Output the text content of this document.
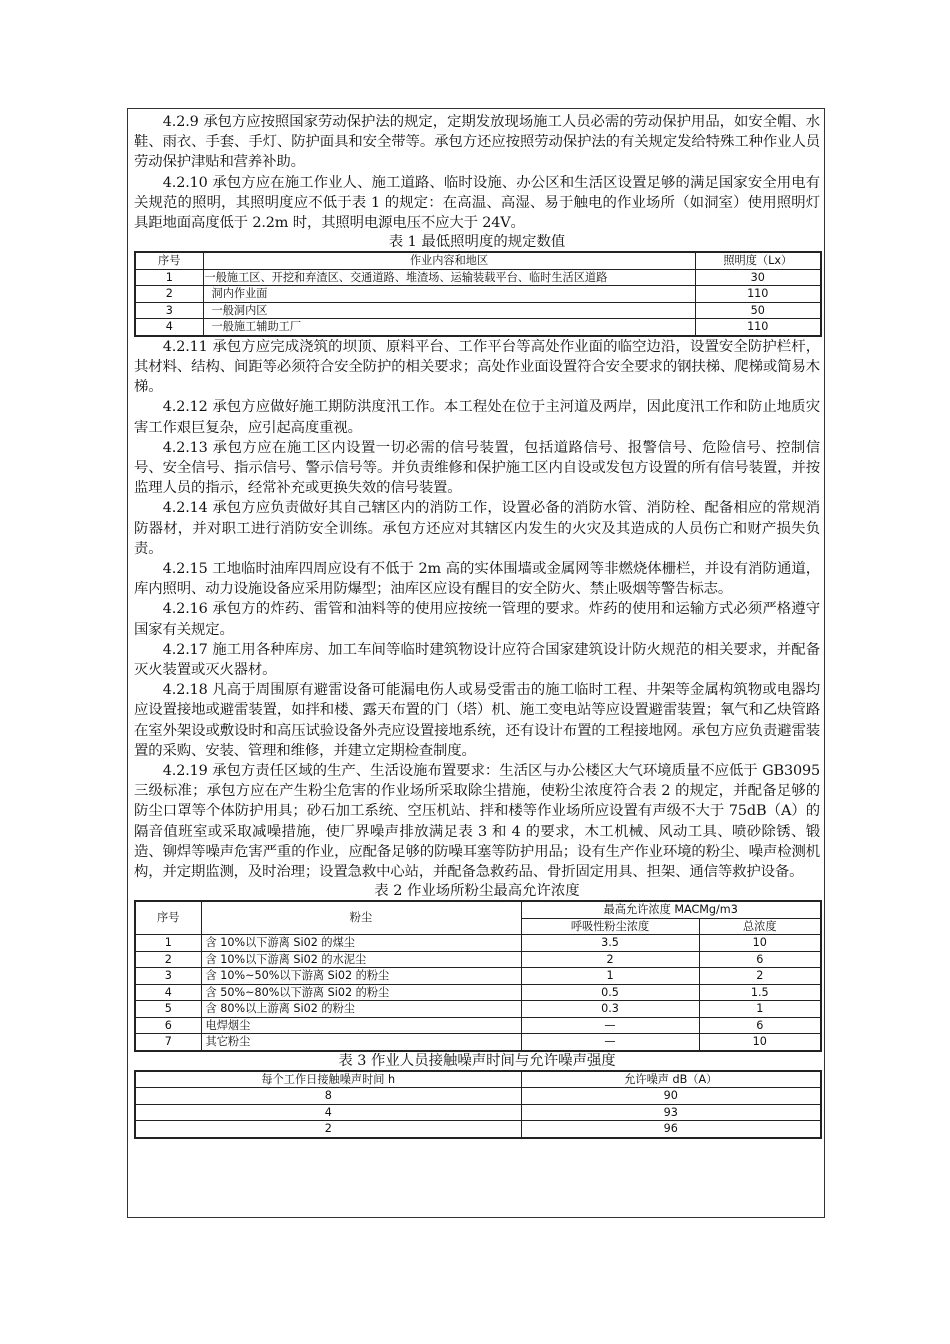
4.2.9 承包方应按照国家劳动保护法的规定，定期发放现场施工人员必需的劳动保护用品，如安全帽、水鞋、雨衣、手套、手灯、防护面具和安全带等。承包方还应按照劳动保护法的有关规定发给特殊工种作业人员劳动保护津贴和营养补助。

4.2.10 承包方应在施工作业人、施工道路、临时设施、办公区和生活区设置足够的满足国家安全用电有关规范的照明，其照明度应不低于表 1 的规定：在高温、高湿、易于触电的作业场所（如洞室）使用照明灯具距地面高度低于 2.2m 时，其照明电源电压不应大于 24V。

表 1 最低照明度的规定数值

序号	作业内容和地区	照明度（Lx）
1	一般施工区、开挖和弃渣区、交通道路、堆渣场、运输装载平台、临时生活区道路	30
2	洞内作业面	110
3	一般洞内区	50
4	一般施工辅助工厂	110

4.2.11 承包方应完成浇筑的坝顶、原料平台、工作平台等高处作业面的临空边沿，设置安全防护栏杆，其材料、结构、间距等必须符合安全防护的相关要求；高处作业面设置符合安全要求的钢扶梯、爬梯或简易木梯。

4.2.12 承包方应做好施工期防洪度汛工作。本工程处在位于主河道及两岸，因此度汛工作和防止地质灾害工作艰巨复杂，应引起高度重视。

4.2.13 承包方应在施工区内设置一切必需的信号装置，包括道路信号、报警信号、危险信号、控制信号、安全信号、指示信号、警示信号等。并负责维修和保护施工区内自设或发包方设置的所有信号装置，并按监理人员的指示，经常补充或更换失效的信号装置。

4.2.14 承包方应负责做好其自己辖区内的消防工作，设置必备的消防水管、消防栓、配备相应的常规消防器材，并对职工进行消防安全训练。承包方还应对其辖区内发生的火灾及其造成的人员伤亡和财产损失负责。

4.2.15 工地临时油库四周应设有不低于 2m 高的实体围墙或金属网等非燃烧体栅栏，并设有消防通道，库内照明、动力设施设备应采用防爆型；油库区应设有醒目的安全防火、禁止吸烟等警告标志。

4.2.16 承包方的炸药、雷管和油料等的使用应按统一管理的要求。炸药的使用和运输方式必须严格遵守国家有关规定。

4.2.17 施工用各种库房、加工车间等临时建筑物设计应符合国家建筑设计防火规范的相关要求，并配备灭火装置或灭火器材。

4.2.18 凡高于周围原有避雷设备可能漏电伤人或易受雷击的施工临时工程、井架等金属构筑物或电器均应设置接地或避雷装置，如拌和楼、露天布置的门（塔）机、施工变电站等应设置避雷装置；氧气和乙炔管路在室外架设或敷设时和高压试验设备外壳应设置接地系统，还有设计布置的工程接地网。承包方应负责避雷装置的采购、安装、管理和维修，并建立定期检查制度。

4.2.19 承包方责任区域的生产、生活设施布置要求：生活区与办公楼区大气环境质量不应低于 GB3095 三级标准；承包方应在产生粉尘危害的作业场所采取除尘措施，使粉尘浓度符合表 2 的规定，并配备足够的防尘口罩等个体防护用具；砂石加工系统、空压机站、拌和楼等作业场所应设置有声级不大于 75dB（A）的隔音值班室或采取减噪措施，使厂界噪声排放满足表 3 和 4 的要求，木工机械、风动工具、喷砂除锈、锻造、铆焊等噪声危害严重的作业，应配备足够的防噪耳塞等防护用品；设有生产作业环境的粉尘、噪声检测机构，并定期监测，及时治理；设置急救中心站，并配备急救药品、骨折固定用具、担架、通信等救护设备。

表 2 作业场所粉尘最高允许浓度

序号	粉尘	最高允许浓度 MACMg/m3	
		呼吸性粉尘浓度	总浓度
1	含 10%以下游离 Si02 的煤尘	3.5	10
2	含 10%以下游离 Si02 的水泥尘	2	6
3	含 10%~50%以下游离 Si02 的粉尘	1	2
4	含 50%~80%以下游离 Si02 的粉尘	0.5	1.5
5	含 80%以上游离 Si02 的粉尘	0.3	1
6	电焊烟尘	—	6
7	其它粉尘	—	10

表 3 作业人员接触噪声时间与允许噪声强度

每个工作日接触噪声时间 h	允许噪声 dB（A）
8	90
4	93
2	96
